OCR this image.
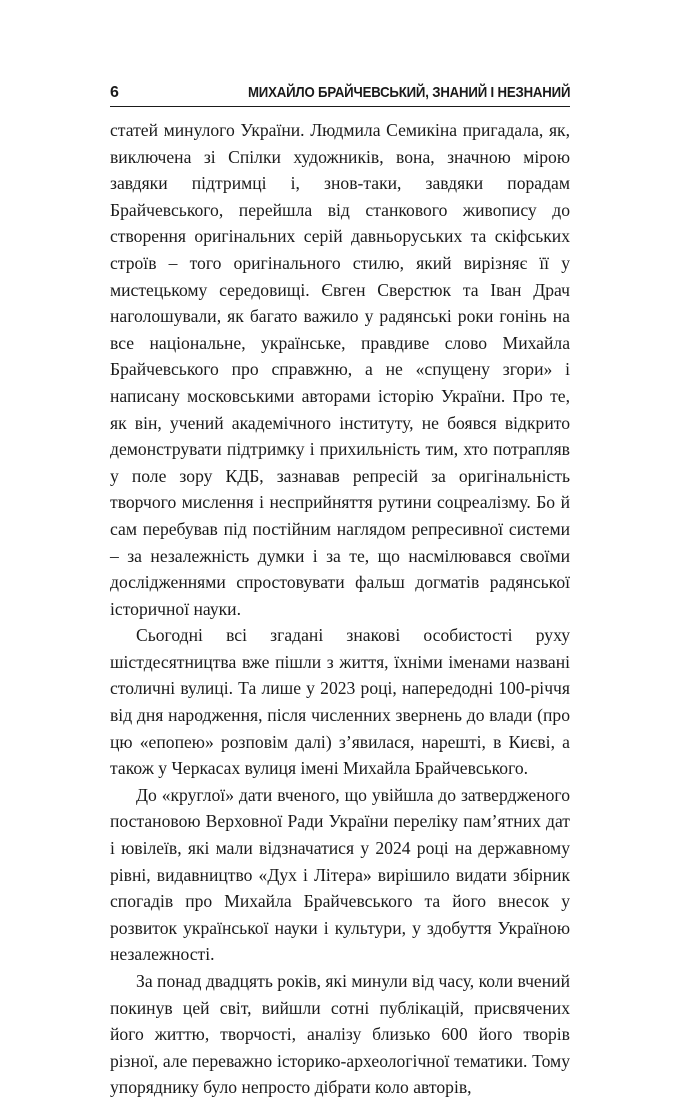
6	МИХАЙЛО БРАЙЧЕВСЬКИЙ, ЗНАНИЙ І НЕЗНАНИЙ

статей минулого України. Людмила Семикіна пригадала, як, виключена зі Спілки художників, вона, значною мірою завдяки підтримці і, знов-таки, завдяки порадам Брайчевського, перейшла від станкового живопису до створення оригінальних серій давньоруських та скіфських строїв – того оригінального стилю, який вирізняє її у мистецькому середовищі. Євген Сверстюк та Іван Драч наголошували, як багато важило у радянські роки гонінь на все національне, українське, правдиве слово Михайла Брайчевського про справжню, а не «спущену згори» і написану московськими авторами історію України. Про те, як він, учений академічного інституту, не боявся відкрито демонструвати підтримку і прихильність тим, хто потрапляв у поле зору КДБ, зазнавав репресій за оригінальність творчого мислення і несприйняття рутини соцреалізму. Бо й сам перебував під постійним наглядом репресивної системи – за незалежність думки і за те, що насмілювався своїми дослідженнями спростовувати фальш догматів радянської історичної науки.

Сьогодні всі згадані знакові особистості руху шістдесятництва вже пішли з життя, їхніми іменами названі столичні вулиці. Та лише у 2023 році, напередодні 100-річчя від дня народження, після численних звернень до влади (про цю «епопею» розповім далі) з’явилася, нарешті, в Києві, а також у Черкасах вулиця імені Михайла Брайчевського.

До «круглої» дати вченого, що увійшла до затвердженого постановою Верховної Ради України переліку пам’ятних дат і ювілеїв, які мали відзначатися у 2024 році на державному рівні, видавництво «Дух і Літера» вирішило видати збірник спогадів про Михайла Брайчевського та його внесок у розвиток української науки і культури, у здобуття Україною незалежності.

За понад двадцять років, які минули від часу, коли вчений покинув цей світ, вийшли сотні публікацій, присвячених його життю, творчості, аналізу близько 600 його творів різної, але переважно історико-археологічної тематики. Тому упоряднику було непросто дібрати коло авторів,
